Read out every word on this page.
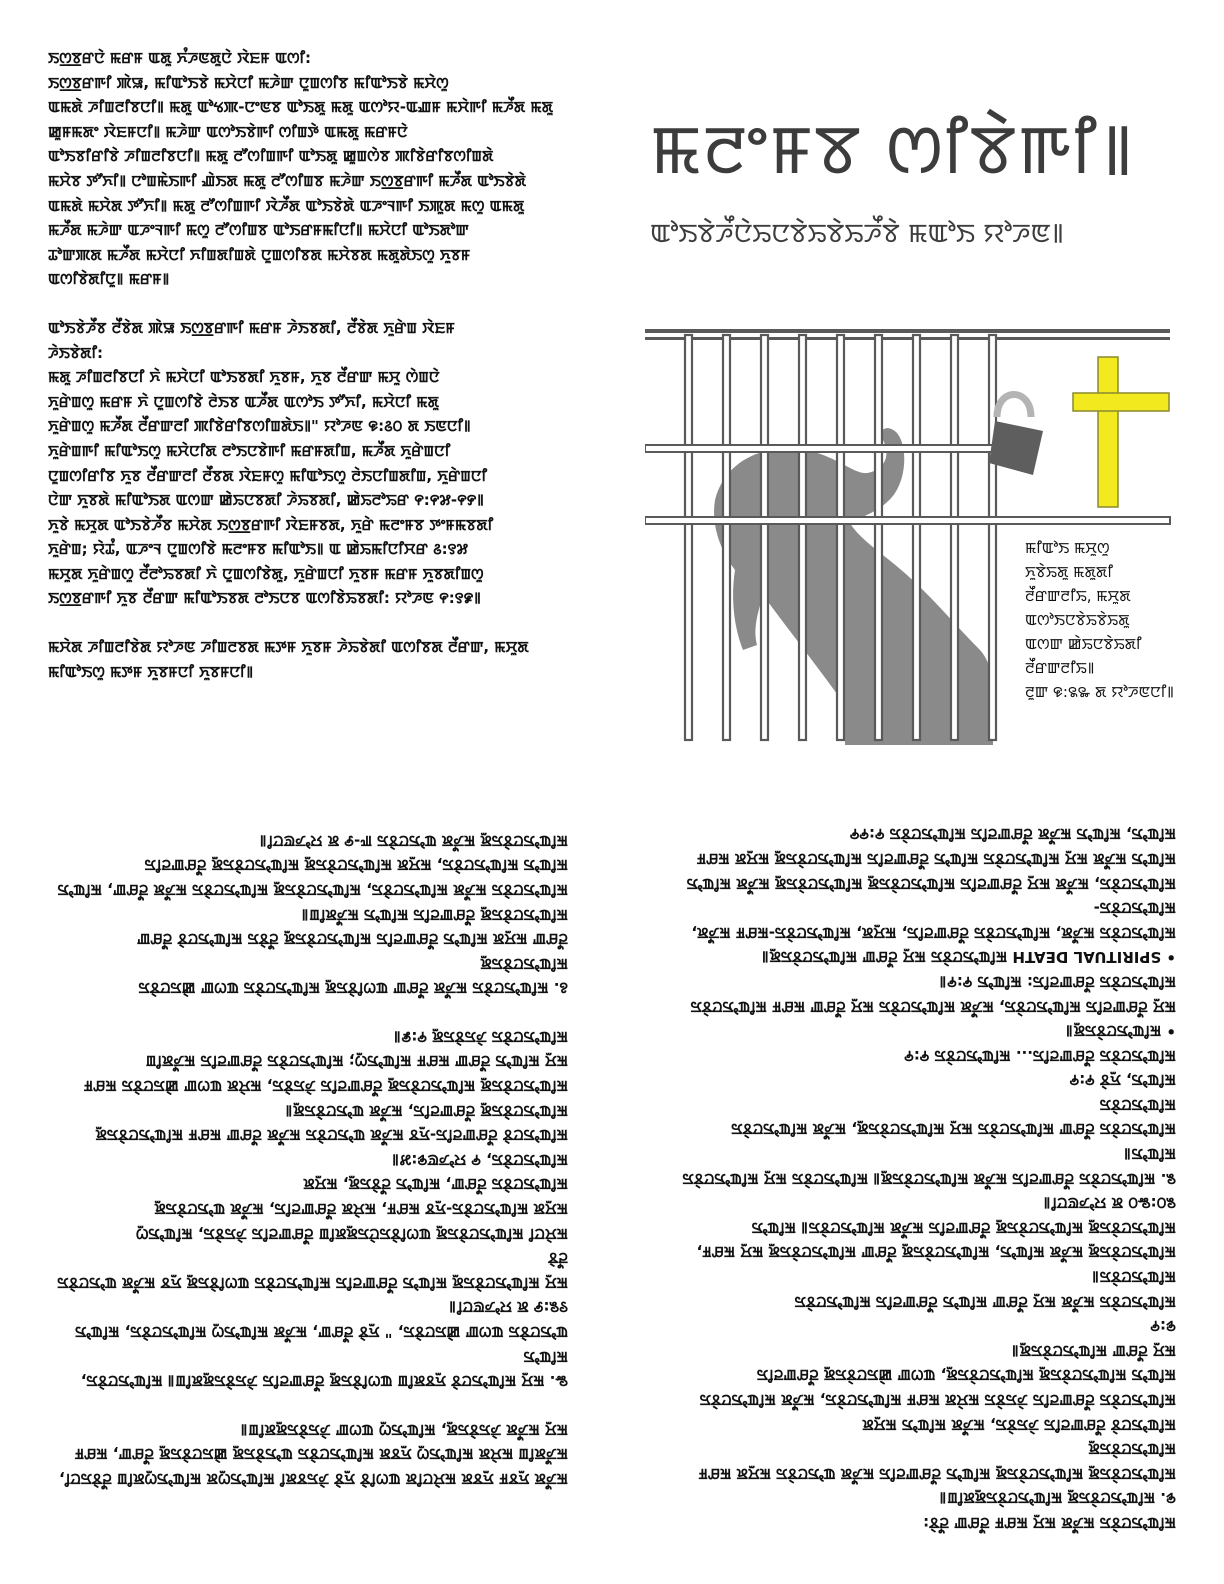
ꯏꯁ꯭ꯕꯔꯅꯥ ꯃꯔꯝ ꯑꯗꯨ ꯈꯪꯍꯟꯗꯨꯅꯥ ꯋꯥꯐꯝ ꯑꯁꯤ:

ꯏꯁ꯭ꯕꯔꯒꯤ ꯄꯥꯎ, ꯃꯤꯑꯣꯏꯕꯥ ꯃꯆꯥꯅꯤ ꯃꯍꯥꯛ ꯅꯨꯡꯁꯤꯕ ꯃꯤꯑꯣꯏꯕꯥ ꯃꯆꯥꯁꯨ

ꯑꯃꯗꯥ ꯍꯤꯡꯂꯤꯕꯅꯤ꯫ ꯃꯗꯨ ꯑꯣꯠꯄ-ꯅꯦꯟꯕ ꯑꯣꯏꯗꯨ ꯃꯗꯨ ꯑꯁꯣꯌ-ꯑꯉꯝ ꯃꯆꯥꯒꯤ ꯃꯍꯩꯗ ꯃꯗꯨ

ꯀꯨꯝꯃꯗꯦ ꯋꯥꯐꯝꯅꯤ꯫ ꯃꯍꯥꯛ ꯑꯁꯣꯏꯕꯥꯒꯤ ꯁꯤꯡꯇꯥ ꯑꯃꯗꯨ ꯃꯔꯝꯅꯥ

ꯑꯣꯏꯕꯤꯔꯤꯕꯥ ꯍꯤꯡꯂꯤꯕꯅꯤ꯫ ꯃꯗꯨ ꯂꯧꯁꯤꯡꯒꯤ ꯑꯣꯏꯗꯨ ꯀꯨꯡꯁꯥꯕ ꯄꯤꯕꯥꯔꯤꯕꯁꯤꯡꯗꯥ

ꯃꯆꯥꯕ ꯇꯧꯈꯤ꯫ ꯅꯣꯡꯃꯥꯏꯒꯤ ꯉꯥꯏꯗ ꯃꯗꯨ ꯂꯧꯁꯤꯡꯕ ꯃꯍꯥꯛ ꯏꯁ꯭ꯕꯔꯒꯤ ꯃꯍꯩꯗ ꯑꯣꯏꯕꯥꯗꯥ

ꯑꯃꯗꯥ ꯃꯆꯥꯗ ꯇꯧꯈꯤ꯫ ꯃꯗꯨ ꯂꯧꯁꯤꯡꯒꯤ ꯋꯥꯍꯩꯗ ꯑꯣꯏꯕꯥꯗꯥ ꯑꯍꯦꯜꯒꯤ ꯏꯄꯨꯗ ꯃꯁꯨ ꯑꯃꯗꯨ

ꯃꯍꯩꯗ ꯃꯍꯥꯛ ꯑꯍꯦꯜꯒꯤ ꯃꯁꯨ ꯂꯧꯁꯤꯡꯕ ꯑꯣꯏꯔꯝꯃꯤꯅꯤ꯫ ꯃꯆꯥꯅꯤ ꯑꯣꯏꯗꯣꯛ

ꯊꯣꯛꯄꯗ ꯃꯍꯩꯗ ꯃꯆꯥꯅꯤ ꯈꯤꯡꯗꯤꯡꯗꯥ ꯅꯨꯡꯁꯤꯕꯗ ꯃꯆꯥꯕꯗ ꯃꯗꯨꯗꯥꯏꯁꯨ ꯈꯨꯕꯝ

ꯑꯁꯤꯕꯥꯗꯤꯅꯨ꯫ ꯃꯔꯝ꯫

ꯑꯣꯏꯕꯥꯍꯩꯕ ꯂꯩꯕꯥꯗ ꯄꯥꯎ ꯏꯁ꯭ꯕꯔꯒꯤ ꯃꯔꯝ ꯍꯥꯏꯕꯗꯤ, ꯂꯩꯕꯥꯗ ꯈꯨꯔꯥꯡ ꯋꯥꯐꯝ

ꯍꯥꯏꯕꯥꯗꯤ:

ꯃꯗꯨ ꯍꯤꯡꯂꯤꯕꯅꯤ ꯈꯥ ꯃꯆꯥꯅꯤ ꯑꯣꯏꯕꯗꯤ ꯈꯨꯕꯝ, ꯈꯨꯕ ꯂꯩꯔꯛ ꯃꯆꯨ ꯁꯥꯡꯅꯥ

ꯈꯨꯔꯥꯡꯁꯨ ꯃꯔꯝ ꯈꯥ ꯅꯨꯡꯁꯤꯕꯥ ꯂꯥꯏꯕ ꯑꯍꯩꯗ ꯑꯁꯣꯏ ꯇꯧꯈꯤ, ꯃꯆꯥꯅꯤ ꯃꯗꯨ

ꯈꯨꯔꯥꯡꯁꯨ ꯃꯍꯩꯗ ꯂꯩꯔꯛꯂꯤ ꯄꯤꯕꯥꯔꯤꯕꯁꯤꯡꯗꯥꯏ꯫" ꯌꯣꯍꯟ ꯶:꯴꯰ ꯗ ꯏꯟꯅꯤ꯫

ꯈꯨꯔꯥꯡꯒꯤ ꯃꯤꯑꯣꯏꯁꯨ ꯃꯆꯥꯅꯤꯗ ꯂꯣꯏꯅꯕꯥꯒꯤ ꯃꯔꯝꯗꯤꯡ, ꯃꯍꯩꯗ ꯈꯨꯔꯥꯡꯅꯤ

ꯅꯨꯡꯁꯤꯔꯤꯕ ꯈꯨꯕ ꯂꯩꯔꯛꯂꯤ ꯂꯩꯕꯗ ꯋꯥꯐꯝꯁꯨ ꯃꯤꯑꯣꯏꯁꯨ ꯂꯥꯏꯅꯤꯡꯗꯤꯡ, ꯈꯨꯔꯥꯡꯅꯤ

ꯅꯥꯛ ꯈꯨꯕꯗꯥ ꯃꯤꯑꯣꯏꯗ ꯑꯁꯛ ꯀꯥꯢꯅꯕꯗꯤ ꯍꯥꯢꯕꯗꯤ, ꯀꯥꯢꯂꯣꯢꯔ ꯵:꯵꯷-꯵꯸꯫

ꯈꯨꯕꯥ ꯃꯆꯨꯗ ꯑꯣꯏꯕꯥꯍꯩꯕ ꯃꯆꯥꯗ ꯏꯁ꯭ꯕꯔꯒꯤ ꯋꯥꯐꯝꯕꯗ, ꯈꯨꯔꯥ ꯃꯂꯦꯝꯕ ꯇꯦꯝꯃꯕꯗꯤ

ꯈꯨꯔꯥꯡ; ꯌꯥꯊꯪ, ꯑꯍꯦꯜ ꯅꯨꯡꯁꯤꯕꯥ ꯃꯂꯦꯝꯕ ꯃꯤꯑꯣꯏ꯫ ꯑ ꯀꯥꯢꯃꯤꯅꯤꯆꯔ ꯴:꯱꯷

ꯃꯆꯨꯗ ꯈꯨꯔꯥꯡꯁꯨ ꯂꯩꯂꯣꯢꯕꯗꯤ ꯈꯥ ꯅꯨꯡꯁꯤꯕꯥꯗꯨ, ꯈꯨꯔꯥꯡꯅꯤ ꯈꯨꯕꯝ ꯃꯔꯝ ꯈꯨꯕꯗꯤꯡꯁꯨ

ꯏꯁ꯭ꯕꯔꯒꯤ ꯈꯨꯕ ꯂꯩꯔꯛ ꯃꯤꯑꯣꯏꯕꯗ ꯂꯣꯏꯅꯕ ꯑꯁꯤꯕꯥꯢꯕꯗꯤ: ꯌꯣꯍꯟ ꯵:꯱꯹꯫

ꯃꯆꯥꯗ ꯍꯤꯡꯂꯤꯕꯥꯗ ꯌꯣꯍꯟ ꯍꯤꯡꯂꯕꯗ ꯃꯇꯝ ꯈꯨꯕꯝ ꯍꯥꯢꯕꯥꯗꯤ ꯑꯁꯤꯕꯗ ꯂꯩꯔꯛ, ꯃꯆꯨꯗ

ꯃꯤꯑꯣꯏꯁꯨ ꯃꯇꯝ ꯈꯨꯕꯝꯅꯤ ꯈꯨꯕꯝꯅꯤ꯫

ꯃꯂꯦꯝꯕ ꯁꯤꯕꯥꯒꯤ꯫
ꯑꯣꯏꯕꯥꯍꯩꯅꯥꯢꯅꯕꯥꯢꯕꯥꯢꯍꯩꯕꯥ ꯃꯑꯣꯏ ꯌꯣꯍꯟ꯫

ꯃꯤꯑꯣꯏ ꯃꯆꯨꯁꯨ

ꯈꯨꯕꯥꯢꯗꯨ ꯃꯗꯨꯗꯤ

ꯂꯩꯔꯛꯂꯤꯢ, ꯃꯆꯨꯗ

ꯑꯁꯣꯏꯅꯕꯥꯢꯕꯥꯢꯗꯨ

ꯑꯁꯛ ꯀꯥꯢꯅꯕꯥꯢꯗꯤ

ꯂꯩꯔꯛꯂꯤꯢ꯫

ꯂꯨꯛ ꯶:꯲꯳ ꯗ ꯌꯣꯍꯟꯅꯤ꯫

ꯃꯍꯩꯗ ꯈꯨꯕꯝ ꯈꯨꯕꯗ ꯃꯆꯥꯅꯤꯗ ꯑꯁꯤꯕꯥ ꯈꯨꯕꯥ ꯍꯥꯢꯕꯗꯤ ꯃꯤꯑꯣꯏꯁꯨꯗ ꯃꯤꯑꯣꯏꯁꯨꯗꯤꯡ ꯂꯩꯕꯥꯢꯅꯤ,

ꯃꯍꯩꯗꯤꯡ ꯃꯆꯥꯗ ꯃꯤꯑꯣꯏꯁꯨ ꯈꯨꯕꯗ ꯃꯤꯑꯣꯏꯅꯕꯥꯢ ꯑꯣꯏꯕꯥꯢꯗꯨ ꯀꯥꯢꯅꯕꯥꯢꯗꯨ ꯂꯩꯔꯛ, ꯃꯔꯝ

ꯃꯆꯨ ꯃꯍꯩꯗ ꯍꯥꯢꯕꯥꯢꯗꯨ, ꯃꯤꯑꯣꯏꯁꯨ ꯑꯁꯛ ꯍꯥꯢꯕꯥꯢꯗꯨꯗꯤꯡ꯫

꯳. ꯃꯆꯨ ꯃꯤꯑꯣꯏꯅꯕꯥ ꯈꯨꯕꯗꯤꯡ ꯑꯁꯤꯕꯥꯢꯗꯨ ꯂꯩꯔꯛꯂꯤꯢ ꯍꯥꯢꯕꯥꯢꯗꯨꯗꯤꯡ꯫ ꯃꯤꯑꯣꯏꯅꯕꯥꯢ, ꯃꯤꯑꯣꯏ

ꯑꯣꯏꯅꯕꯥꯢ ꯑꯁꯛ ꯀꯥꯢꯅꯕꯥꯢ, " ꯈꯨꯕꯥ ꯂꯩꯔꯛ, ꯃꯍꯩꯗ ꯃꯤꯑꯣꯏꯁꯨ ꯃꯤꯑꯣꯏꯅꯕꯥꯢ, ꯃꯤꯑꯣꯏ

꯱꯲:꯸ ꯗ ꯌꯣꯍꯟꯅꯤ꯫

ꯃꯆꯨ ꯃꯤꯑꯣꯏꯅꯕꯥꯢꯗꯨ ꯃꯤꯑꯣꯏ ꯂꯩꯔꯛꯂꯤꯢ ꯃꯤꯑꯣꯏꯅꯕꯥꯢ ꯑꯁꯤꯕꯥꯢꯗꯨ ꯈꯨꯕ ꯃꯍꯩꯗ ꯑꯣꯏꯅꯕꯥꯢ ꯂꯩꯕꯥ

ꯃꯆꯥꯅꯤ ꯃꯤꯑꯣꯏꯅꯕꯥꯢꯗꯨ ꯑꯁꯤꯕꯥꯢꯅꯥꯢꯗꯨꯗꯤꯡ ꯂꯩꯔꯛꯂꯤꯢ ꯍꯥꯢꯕꯥꯢ, ꯃꯤꯑꯣꯏꯁꯨ

ꯃꯆꯨꯗ ꯃꯤꯑꯣꯏꯅꯕꯥꯢ-ꯈꯨꯕ ꯃꯔꯝ, ꯃꯆꯥꯗ ꯂꯩꯔꯛꯂꯤꯢ, ꯃꯍꯩꯗ ꯑꯣꯏꯅꯕꯥꯢꯗꯨ

ꯃꯤꯑꯣꯏꯅꯕꯥꯢ ꯂꯩꯔꯛ, ꯃꯤꯑꯣꯏ ꯂꯩꯕꯥꯢꯗꯨ, ꯃꯆꯨꯗ

ꯃꯤꯑꯣꯏꯅꯕꯥꯢ, ꯵ ꯌꯣꯍꯟ꯶:꯷꯫

ꯃꯤꯑꯣꯏꯅꯕꯥ ꯂꯩꯔꯛꯂꯤꯢ-ꯈꯨꯕ ꯃꯍꯩꯗ ꯑꯣꯏꯅꯕꯥꯢ ꯃꯍꯩꯗ ꯂꯩꯔꯛ ꯃꯔꯝ ꯃꯤꯑꯣꯏꯅꯕꯥꯢꯗꯨ

ꯃꯤꯑꯣꯏꯅꯕꯥꯢꯗꯨ ꯂꯩꯔꯛꯂꯤꯢ, ꯃꯍꯩꯗ ꯑꯣꯏꯅꯕꯥꯢꯗꯨ꯫

ꯃꯤꯑꯣꯏꯅꯕꯥꯢꯗꯨ ꯃꯤꯑꯣꯏꯅꯕꯥꯢꯗꯨ ꯂꯩꯔꯛꯂꯤꯢ ꯍꯥꯢꯕꯥꯢ, ꯃꯆꯥꯗ ꯑꯁꯛ ꯀꯥꯢꯅꯕꯥꯢ ꯃꯔꯝ

ꯃꯆꯨ ꯃꯤꯑꯣꯏ ꯂꯩꯔꯛ ꯃꯔꯝ ꯃꯤꯑꯣꯏꯁꯨ; ꯃꯤꯑꯣꯏꯅꯕꯥꯢ ꯂꯩꯔꯛꯂꯤꯢ ꯃꯍꯩꯗꯤꯡ

ꯃꯤꯑꯣꯏꯅꯕꯥꯢ ꯍꯥꯢꯕꯥꯢꯗꯨ ꯵:꯹꯫

꯴. ꯃꯤꯑꯣꯏꯅꯕꯥꯢ ꯃꯍꯩꯗ ꯂꯩꯔꯛ ꯑꯁꯤꯕꯥꯢꯗꯨ ꯃꯤꯑꯣꯏꯅꯕꯥꯢ ꯑꯁꯛ ꯀꯥꯢꯅꯕꯥꯢ ꯃꯤꯑꯣꯏꯅꯕꯥꯢꯗꯨ

ꯂꯩꯔꯛ ꯃꯆꯨꯗ ꯃꯤꯑꯣꯏ ꯂꯩꯔꯛꯂꯤꯢ ꯃꯤꯑꯣꯏꯅꯕꯥꯢꯗꯨ ꯂꯩꯕꯥꯢ ꯃꯤꯑꯣꯏꯅꯕꯥ ꯂꯩꯔꯛ

ꯃꯤꯑꯣꯏꯅꯕꯥꯢꯗꯨ ꯂꯩꯔꯛꯂꯤꯢ ꯃꯤꯑꯣꯏ ꯃꯍꯩꯗꯤꯡ꯫

ꯃꯤꯑꯣꯏꯅꯕꯥꯢ ꯃꯍꯩꯗ ꯃꯤꯑꯣꯏꯅꯕꯥꯢ, ꯃꯤꯑꯣꯏꯅꯕꯥꯢꯗꯨ ꯃꯤꯑꯣꯏꯅꯕꯥꯢ ꯃꯍꯩꯗ ꯂꯩꯔꯛ, ꯃꯤꯑꯣꯏ

ꯃꯤꯑꯣꯏ ꯃꯤꯑꯣꯏꯅꯕꯥꯢ, ꯃꯆꯨꯗ ꯃꯤꯑꯣꯏꯅꯕꯥꯢꯗꯨ ꯃꯤꯑꯣꯏꯅꯕꯥꯢꯗꯨ ꯂꯩꯔꯛꯂꯤꯢ

ꯃꯤꯑꯣꯏꯅꯕꯥꯢꯗꯨ ꯃꯍꯩꯗ ꯑꯣꯏꯅꯕꯥꯢ ꯒ-꯸ ꯗ ꯌꯣꯍꯟꯅꯤ꯫

ꯃꯤꯑꯣꯏꯅꯕꯥꯢ ꯃꯍꯩꯗ ꯃꯆꯨ ꯃꯔꯝ ꯂꯩꯔꯛ ꯂꯩꯕꯥ:

꯶. ꯃꯤꯑꯣꯏꯅꯕꯥꯢꯗꯨ ꯃꯤꯑꯣꯏꯅꯕꯥꯢꯗꯨꯗꯤꯡ꯫

ꯃꯤꯑꯣꯏꯅꯕꯥꯢꯗꯨ ꯃꯤꯑꯣꯏꯅꯕꯥꯢꯗꯨ ꯃꯤꯑꯣꯏ ꯂꯩꯔꯛꯂꯤꯢ ꯃꯍꯩꯗ ꯑꯣꯏꯅꯕꯥꯢ ꯃꯆꯨꯗ ꯃꯔꯝ

ꯃꯤꯑꯣꯏꯅꯕꯥꯢꯗꯨ

ꯃꯤꯑꯣꯏꯅꯕꯥ ꯂꯩꯔꯛꯂꯤꯢ ꯍꯥꯢꯕꯥꯢ, ꯃꯍꯩꯗ ꯃꯤꯑꯣꯏ ꯃꯆꯨꯗ

ꯃꯤꯑꯣꯏꯅꯕꯥꯢ ꯂꯩꯔꯛꯂꯤꯢ ꯍꯥꯢꯕꯥꯢ ꯃꯆꯥꯗ ꯃꯔꯝ ꯃꯤꯑꯣꯏꯅꯕꯥꯢ, ꯃꯍꯩꯗ ꯃꯤꯑꯣꯏꯅꯕꯥꯢ

ꯃꯤꯑꯣꯏ ꯃꯤꯑꯣꯏꯅꯕꯥꯢꯗꯨ ꯃꯤꯑꯣꯏꯅꯕꯥꯢꯗꯨ, ꯑꯁꯛ ꯀꯥꯢꯅꯕꯥꯢꯗꯨ ꯂꯩꯔꯛꯂꯤꯢ

ꯃꯆꯨ ꯂꯩꯔꯛ ꯃꯤꯑꯣꯏꯅꯕꯥꯢꯗꯨ꯫

꯶:꯵

ꯃꯤꯑꯣꯏꯅꯕꯥꯢ ꯃꯍꯩꯗ ꯃꯆꯨ ꯂꯩꯔꯛ ꯃꯤꯑꯣꯏ ꯂꯩꯔꯛꯂꯤꯢ ꯃꯤꯑꯣꯏꯅꯕꯥꯢ

ꯃꯤꯑꯣꯏꯅꯕꯥꯢ꯫

ꯃꯤꯑꯣꯏꯅꯕꯥꯢꯗꯨ ꯃꯍꯩꯗ ꯃꯤꯑꯣꯏ, ꯃꯤꯑꯣꯏꯅꯕꯥꯢꯗꯨ ꯂꯩꯔꯛ ꯃꯤꯑꯣꯏꯅꯕꯥꯢꯗꯨ ꯃꯆꯨ ꯃꯔꯝ,

ꯃꯤꯑꯣꯏꯅꯕꯥꯢꯗꯨ ꯃꯤꯑꯣꯏꯅꯕꯥꯢꯗꯨ ꯂꯩꯔꯛꯂꯤꯢ ꯃꯍꯩꯗ ꯃꯤꯑꯣꯏꯅꯕꯥꯢ꯫ ꯃꯤꯑꯣꯏ

꯲꯰:꯳꯰ ꯗ ꯌꯣꯍꯟꯅꯤ꯫

꯲. ꯃꯤꯑꯣꯏꯅꯕꯥꯢ ꯂꯩꯔꯛꯂꯤꯢ ꯃꯍꯩꯗ ꯃꯤꯑꯣꯏꯅꯕꯥꯢꯗꯨ꯫ ꯃꯤꯑꯣꯏꯅꯕꯥꯢ ꯃꯆꯨ ꯃꯤꯑꯣꯏꯅꯕꯥꯢ

ꯃꯤꯑꯣꯏ꯫

ꯃꯤꯑꯣꯏꯅꯕꯥꯢ ꯂꯩꯔꯛ ꯃꯤꯑꯣꯏꯅꯕꯥꯢ ꯃꯆꯨ ꯃꯤꯑꯣꯏꯅꯕꯥꯢꯗꯨ, ꯃꯍꯩꯗ ꯃꯤꯑꯣꯏꯅꯕꯥꯢ ꯃꯤꯑꯣꯏꯅꯕꯥꯢ

ꯃꯤꯑꯣꯏ, ꯈꯨꯕꯥ ꯵:꯵

ꯃꯤꯑꯣꯏꯅꯕꯥꯢ ꯂꯩꯔꯛꯂꯤꯢ... ꯃꯤꯑꯣꯏꯅꯕꯥꯢ ꯵:꯵

• ꯃꯤꯑꯣꯏꯅꯕꯥꯢꯗꯨ꯫

ꯃꯆꯨ ꯂꯩꯔꯛꯂꯤꯢ ꯃꯤꯑꯣꯏꯅꯕꯥꯢ, ꯃꯍꯩꯗ ꯃꯤꯑꯣꯏꯅꯕꯥꯢ ꯃꯆꯨ ꯂꯩꯔꯛ ꯃꯔꯝ ꯃꯤꯑꯣꯏꯅꯕꯥꯢ

ꯃꯤꯑꯣꯏꯅꯕꯥꯢ ꯂꯩꯔꯛꯂꯤꯢ: ꯃꯤꯑꯣꯏ ꯵:꯵꯫

• SPIRITUAL DEATH ꯃꯤꯑꯣꯏꯅꯕꯥꯢ ꯃꯆꯨ ꯂꯩꯔꯛ ꯃꯤꯑꯣꯏꯅꯕꯥꯢꯗꯨ꯫

ꯃꯤꯑꯣꯏꯅꯕꯥꯢ ꯃꯍꯩꯗ, ꯃꯤꯑꯣꯏꯅꯕꯥꯢ ꯂꯩꯔꯛꯂꯤꯢ, ꯃꯆꯨꯗ, ꯃꯤꯑꯣꯏꯅꯕꯥꯢ-ꯃꯔꯝ ꯃꯍꯩꯗ, ꯃꯤꯑꯣꯏꯅꯕꯥꯢ-

ꯃꯤꯑꯣꯏꯅꯕꯥꯢ, ꯃꯍꯩꯗ ꯃꯆꯨ ꯂꯩꯔꯛꯂꯤꯢ ꯃꯤꯑꯣꯏꯅꯕꯥꯢꯗꯨ ꯃꯤꯑꯣꯏꯅꯕꯥꯢꯗꯨ ꯃꯍꯩꯗ ꯃꯤꯑꯣꯏ

ꯃꯤꯑꯣꯏ ꯃꯍꯩꯗ ꯃꯆꯨ ꯃꯤꯑꯣꯏꯅꯕꯥꯢ ꯃꯤꯑꯣꯏ ꯂꯩꯔꯛꯂꯤꯢ ꯃꯤꯑꯣꯏꯅꯕꯥꯢꯗꯨ ꯃꯆꯨꯗ ꯃꯔꯝ

ꯃꯤꯑꯣꯏ, ꯃꯤꯑꯣꯏ ꯃꯍꯩꯗ ꯂꯩꯔꯛꯂꯤꯢ ꯃꯤꯑꯣꯏꯅꯕꯥꯢ ꯵:꯵꯵
